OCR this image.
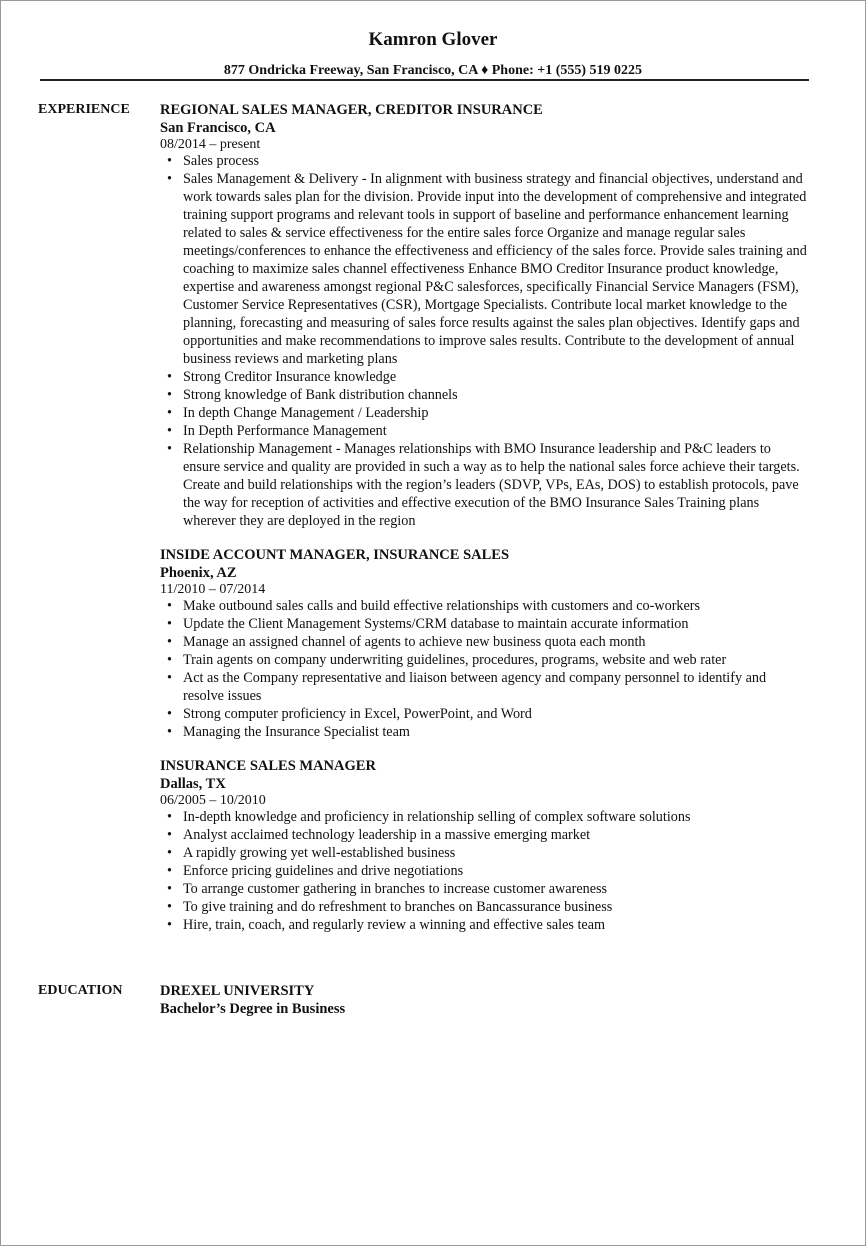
Kamron Glover
877 Ondricka Freeway, San Francisco, CA ♦ Phone: +1 (555) 519 0225
EXPERIENCE REGIONAL SALES MANAGER, CREDITOR INSURANCE
San Francisco, CA
08/2014 – present
• Sales process
• Sales Management & Delivery - In alignment with business strategy and financial objectives, understand and work towards sales plan for the division. Provide input into the development of comprehensive and integrated training support programs and relevant tools in support of baseline and performance enhancement learning related to sales & service effectiveness for the entire sales force Organize and manage regular sales meetings/conferences to enhance the effectiveness and efficiency of the sales force. Provide sales training and coaching to maximize sales channel effectiveness Enhance BMO Creditor Insurance product knowledge, expertise and awareness amongst regional P&C salesforces, specifically Financial Service Managers (FSM), Customer Service Representatives (CSR), Mortgage Specialists. Contribute local market knowledge to the planning, forecasting and measuring of sales force results against the sales plan objectives. Identify gaps and opportunities and make recommendations to improve sales results. Contribute to the development of annual business reviews and marketing plans
• Strong Creditor Insurance knowledge
• Strong knowledge of Bank distribution channels
• In depth Change Management / Leadership
• In Depth Performance Management
• Relationship Management - Manages relationships with BMO Insurance leadership and P&C leaders to ensure service and quality are provided in such a way as to help the national sales force achieve their targets. Create and build relationships with the region’s leaders (SDVP, VPs, EAs, DOS) to establish protocols, pave the way for reception of activities and effective execution of the BMO Insurance Sales Training plans wherever they are deployed in the region
INSIDE ACCOUNT MANAGER, INSURANCE SALES
Phoenix, AZ
11/2010 – 07/2014
• Make outbound sales calls and build effective relationships with customers and co-workers
• Update the Client Management Systems/CRM database to maintain accurate information
• Manage an assigned channel of agents to achieve new business quota each month
• Train agents on company underwriting guidelines, procedures, programs, website and web rater
• Act as the Company representative and liaison between agency and company personnel to identify and resolve issues
• Strong computer proficiency in Excel, PowerPoint, and Word
• Managing the Insurance Specialist team
INSURANCE SALES MANAGER
Dallas, TX
06/2005 – 10/2010
• In-depth knowledge and proficiency in relationship selling of complex software solutions
• Analyst acclaimed technology leadership in a massive emerging market
• A rapidly growing yet well-established business
• Enforce pricing guidelines and drive negotiations
• To arrange customer gathering in branches to increase customer awareness
• To give training and do refreshment to branches on Bancassurance business
• Hire, train, coach, and regularly review a winning and effective sales team
EDUCATION	DREXEL UNIVERSITY
Bachelor’s Degree in Business
